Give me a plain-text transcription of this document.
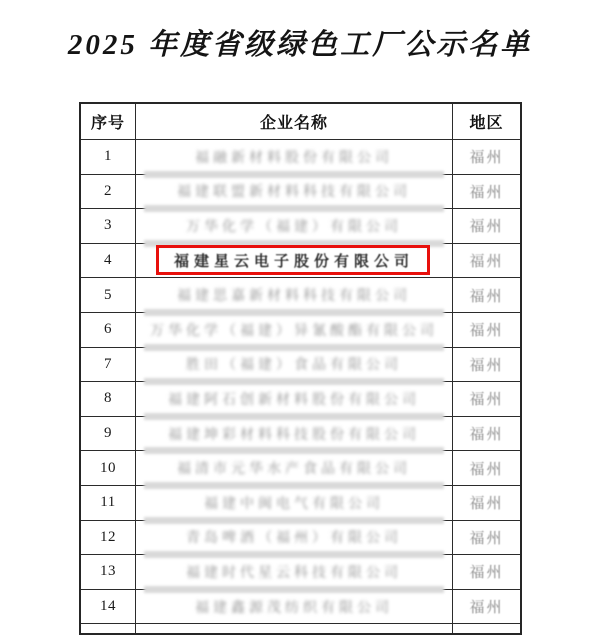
2025 年度省级绿色工厂公示名单
序号	企业名称	地区
1	福融新材料股份有限公司	福州
2	福建联盟新材料科技有限公司	福州
3	万华化学（福建）有限公司	福州
4	福建星云电子股份有限公司	福州
5	福建思嘉新材料科技有限公司	福州
6	万华化学（福建）异氰酸酯有限公司 福州
7	胜田（福建）食品有限公司	福州
8	福建阿石创新材料股份有限公司	福州
9	福建坤彩材料科技股份有限公司	福州
10	福清市元华水产食品有限公司	福州
11	福建中闽电气有限公司	福州
12	青岛啤酒（福州）有限公司	福州
13	福建时代星云科技有限公司	福州
14	福建鑫源茂纺织有限公司	福州
